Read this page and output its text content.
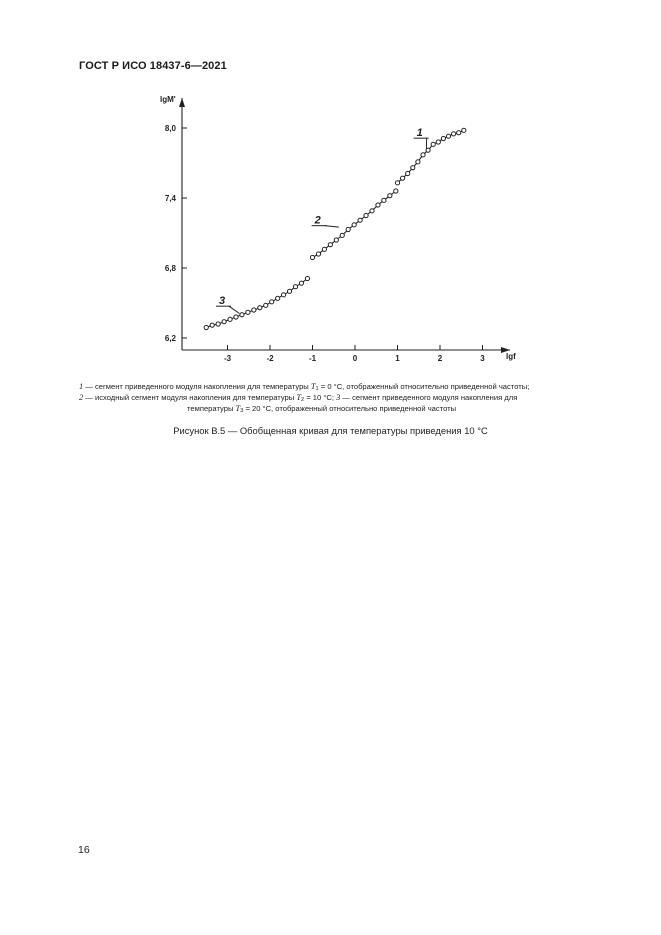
ГОСТ Р ИСО 18437-6—2021
lgM'
lgf
-3	-2	-1	0	1	2	3
6,2
6,8
7,4
8,0	1
2
3

1 — сегмент приведенного модуля накопления для температуры $T_1 = 0$ °С, отображенный относительно приведенной частоты;

2 — исходный сегмент модуля накопления для температуры $T_2 = 10$ °С; 3 — сегмент приведенного модуля накопления для

температуры $T_3 = 20$ °С, отображенный относительно приведенной частоты

Рисунок В.5 — Обобщенная кривая для температуры приведения 10 °С
16
